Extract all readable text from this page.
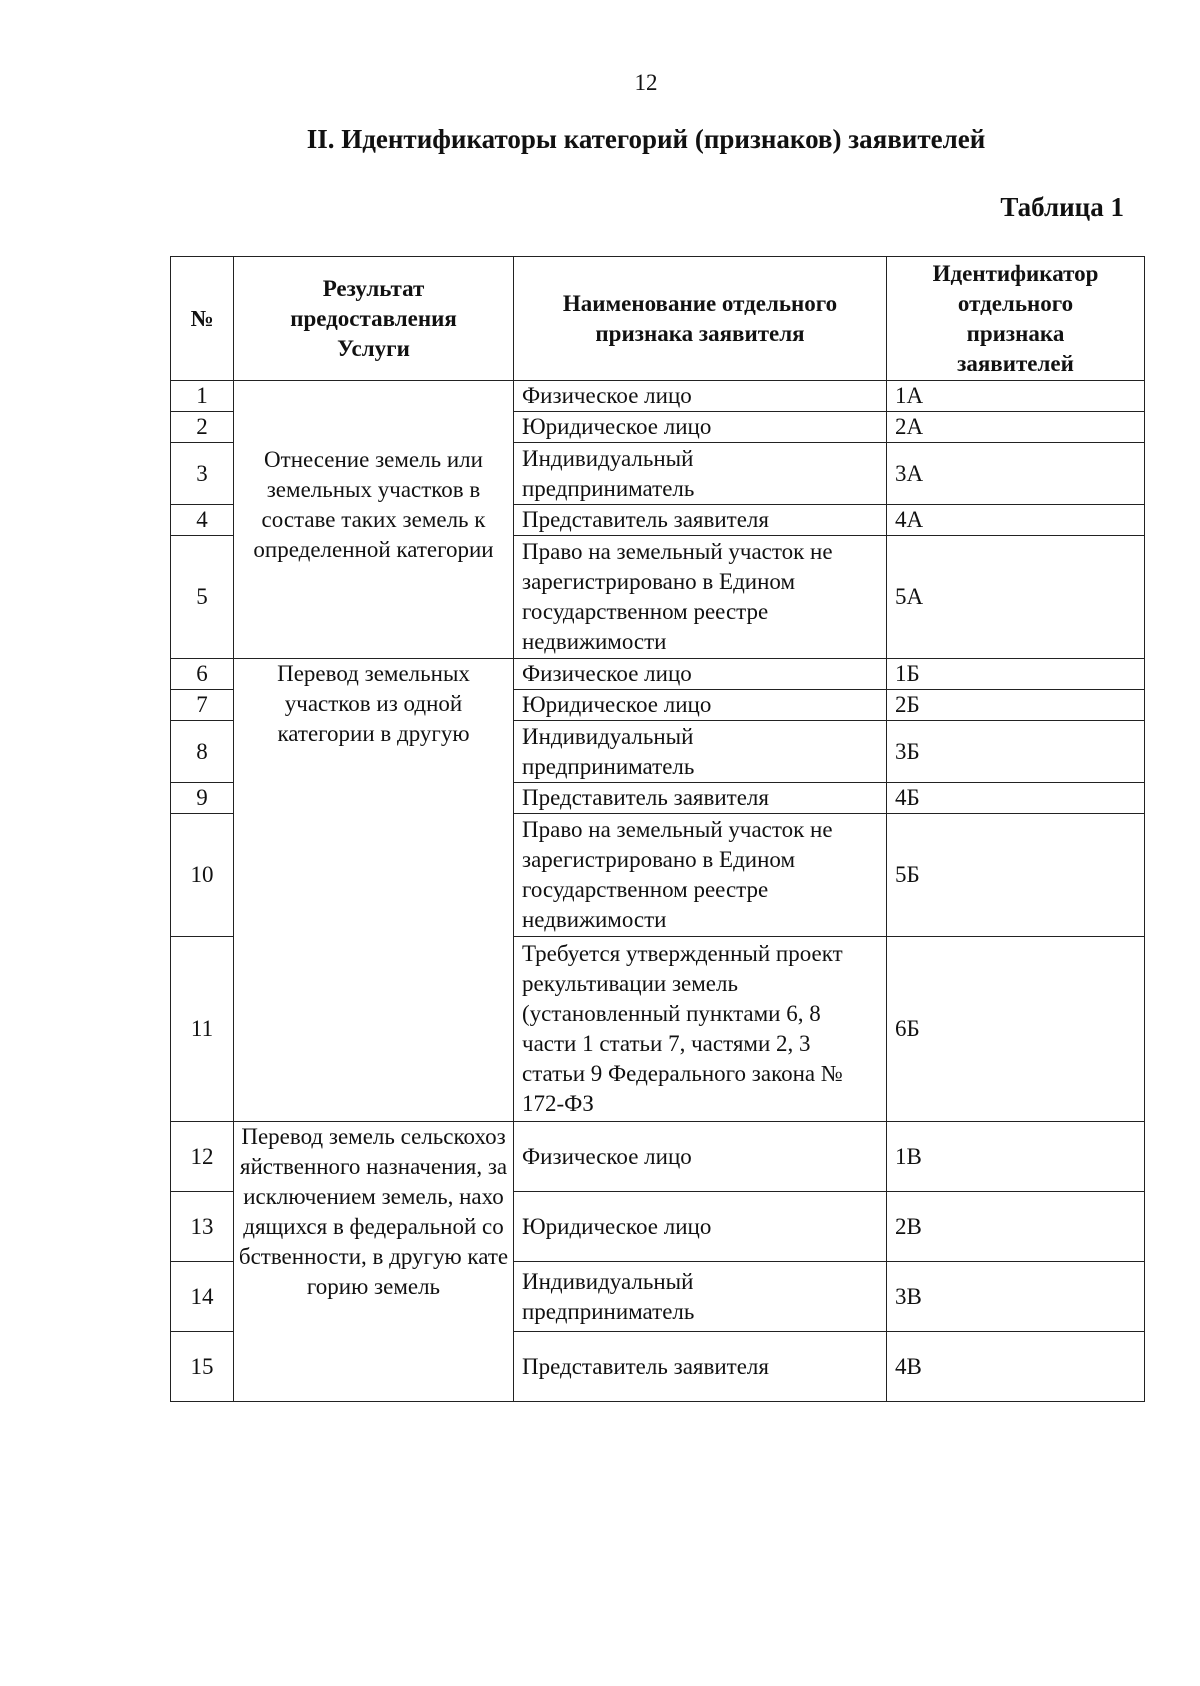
12
II. Идентификаторы категорий (признаков) заявителей
Таблица 1
№	Результат предоставления Услуги	Наименование отдельного признака заявителя	Идентификатор отдельного признака заявителей
1	Отнесение земель или земельных участков в составе таких земель к определенной категории	Физическое лицо	1А
2		Юридическое лицо	2А
3		Индивидуальный предприниматель	3А
4		Представитель заявителя	4А
5		Право на земельный участок не зарегистрировано в Едином государственном реестре недвижимости	5А
6	Перевод земельных участков из одной категории в другую	Физическое лицо	1Б
7		Юридическое лицо	2Б
8		Индивидуальный предприниматель	3Б
9		Представитель заявителя	4Б
10		Право на земельный участок не зарегистрировано в Едином государственном реестре недвижимости	5Б
11		Требуется утвержденный проект рекультивации земель (установленный пунктами 6, 8 части 1 статьи 7, частями 2, 3 статьи 9 Федерального закона № 172-ФЗ	6Б
12	Перевод земель сельскохозяйственного назначения, за исключением земель, находящихся в федеральной собственности, в другую категорию земель	Физическое лицо	1В
13		Юридическое лицо	2В
14		Индивидуальный предприниматель	3В
15		Представитель заявителя	4В
